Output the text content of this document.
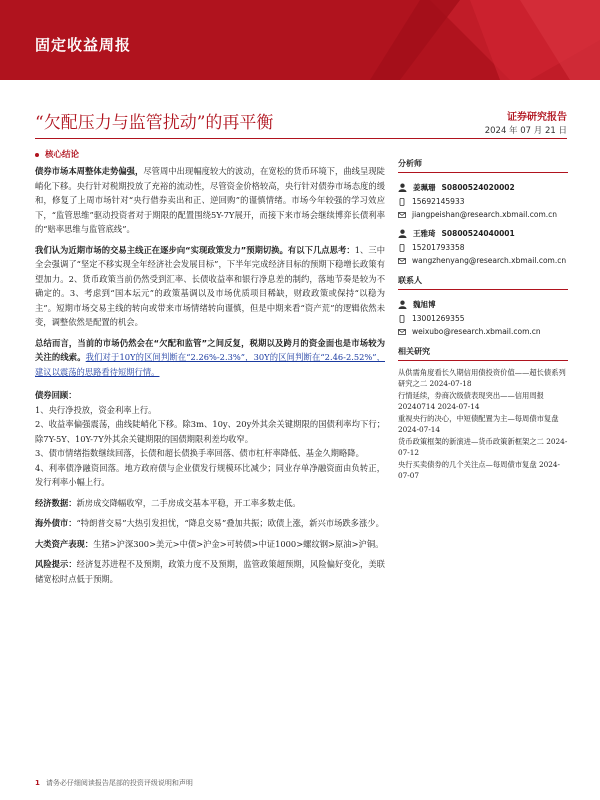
固定收益周报
“欠配压力与监管扰动”的再平衡	证券研究报告
2024 年 07 月 21 日
核心结论

债券市场本周整体走势偏强，尽管周中出现幅度较大的波动，在宽松的货币环境下，曲线呈现陡峭化下移。央行针对税期投放了充裕的流动性，尽管资金价格较高，央行针对债券市场态度的缓和，修复了上周市场针对“央行借券卖出和正、逆回购”的谨慎情绪。市场今年较强的学习效应下，“监管思维”驱动投资者对于期限的配置围绕5Y-7Y展开，而接下来市场会继续博弈长债利率的“赔率思维与监管底线”。

我们认为近期市场的交易主线正在逐步向“实现政策发力”预期切换。有以下几点思考：1、三中全会强调了“坚定不移实现全年经济社会发展目标”，下半年完成经济目标的预期下稳增长政策有望加力。2、货币政策当前仍然受到汇率、长债收益率和银行净息差的制约，落地节奏是较为不确定的。3、考虑到“国本坛元”的政策基调以及市场优质项目稀缺，财政政策或保持“以稳为主”。短期市场交易主线的转向或带来市场情绪转向谨慎，但是中期来看“资产荒”的逻辑依然未变，调整依然是配置的机会。

总结而言，当前的市场仍然会在“欠配和监管”之间反复，税期以及跨月的资金面也是市场较为关注的线索。我们对于10Y的区间判断在“2.26%-2.3%”，30Y的区间判断在“2.46-2.52%”，建议以震荡的思路看待短期行情。

债券回顾：
1、央行净投放，资金利率上行。
2、收益率偏强震荡，曲线陡峭化下移。除3m、10y、20y外其余关键期限的国债利率均下行；除7Y-5Y、10Y-7Y外其余关键期限的国债期限利差均收窄。
3、债市情绪指数继续回落，长债和超长债换手率回落、债市杠杆率降低、基金久期略降。
4、利率债净融资回落。地方政府债与企业债发行规模环比减少；同业存单净融资面由负转正，发行利率小幅上行。

经济数据：新房成交降幅收窄，二手房成交基本平稳，开工率多数走低。

海外债市：“特朗普交易”大热引发担忧，“降息交易”叠加共振；欧债上涨，新兴市场跌多涨少。

大类资产表现：生猪>沪深300>美元>中债>沪金>可转债>中证1000>螺纹钢>原油>沪铜。

风险提示：经济复苏进程不及预期，政策力度不及预期，监管政策超预期，风险偏好变化，美联储宽松时点低于预期。

分析师
姜珮珊 S0800524020002
15692145933
jiangpeishan@research.xbmail.com.cn
王雅琦 S0800524040001
15201793358
wangzhenyang@research.xbmail.com.cn
联系人
魏旭博
13001269355
weixubo@research.xbmail.com.cn
相关研究
从供需角度看长久期信用债投资价值——超长债系列研究之二 2024-07-18
行情延续，券商次级债表现突出——信用周报 20240714 2024-07-14
重视央行的决心，中短债配置为主—每周债市复盘 2024-07-14
货币政策框架的新演进—货币政策新框架之二 2024-07-12
央行买卖债券的几个关注点—每周债市复盘 2024-07-07
1 请务必仔细阅读报告尾部的投资评级说明和声明
